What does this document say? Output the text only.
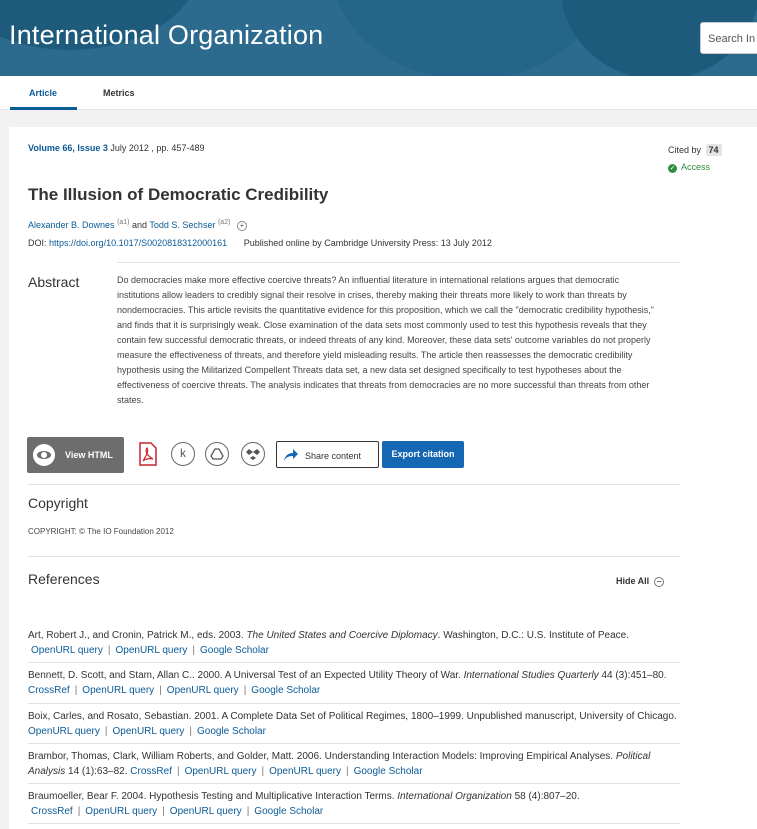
International Organization	Search In
Article	Metrics
Volume 66, Issue 3 July 2012 , pp. 457-489	Cited by 74
✓ Access
The Illusion of Democratic Credibility
Alexander B. Downes $^{(a1)}$ and Todd S. Sechser $^{(a2)}$ +
DOI: https://doi.org/10.1017/S0020818312000161 Published online by Cambridge University Press: 13 July 2012
Abstract	Do democracies make more effective coercive threats? An influential literature in international relations argues that democratic institutions allow leaders to credibly signal their resolve in crises, thereby making their threats more likely to work than threats by nondemocracies. This article revisits the quantitative evidence for this proposition, which we call the "democratic credibility hypothesis," and finds that it is surprisingly weak. Close examination of the data sets most commonly used to test this hypothesis reveals that they contain few successful democratic threats, or indeed threats of any kind. Moreover, these data sets' outcome variables do not properly measure the effectiveness of threats, and therefore yield misleading results. The article then reassesses the democratic credibility hypothesis using the Militarized Compellent Threats data set, a new data set designed specifically to test hypotheses about the effectiveness of coercive threats. The analysis indicates that threats from democracies are no more successful than threats from other states.
View HTML	k	Share content	Export citation
Copyright
COPYRIGHT: © The IO Foundation 2012
References	Hide All –
Art, Robert J., and Cronin, Patrick M., eds. 2003. The United States and Coercive Diplomacy. Washington, D.C.: U.S. Institute of Peace.
OpenURL query | OpenURL query | Google Scholar
Bennett, D. Scott, and Stam, Allan C.. 2000. A Universal Test of an Expected Utility Theory of War. International Studies Quarterly 44 (3):451–80. CrossRef | OpenURL query | OpenURL query | Google Scholar
Boix, Carles, and Rosato, Sebastian. 2001. A Complete Data Set of Political Regimes, 1800–1999. Unpublished manuscript, University of Chicago. OpenURL query | OpenURL query | Google Scholar
Brambor, Thomas, Clark, William Roberts, and Golder, Matt. 2006. Understanding Interaction Models: Improving Empirical Analyses. Political Analysis 14 (1):63–82. CrossRef | OpenURL query | OpenURL query | Google Scholar
Braumoeller, Bear F. 2004. Hypothesis Testing and Multiplicative Interaction Terms. International Organization 58 (4):807–20.
CrossRef | OpenURL query | OpenURL query | Google Scholar
